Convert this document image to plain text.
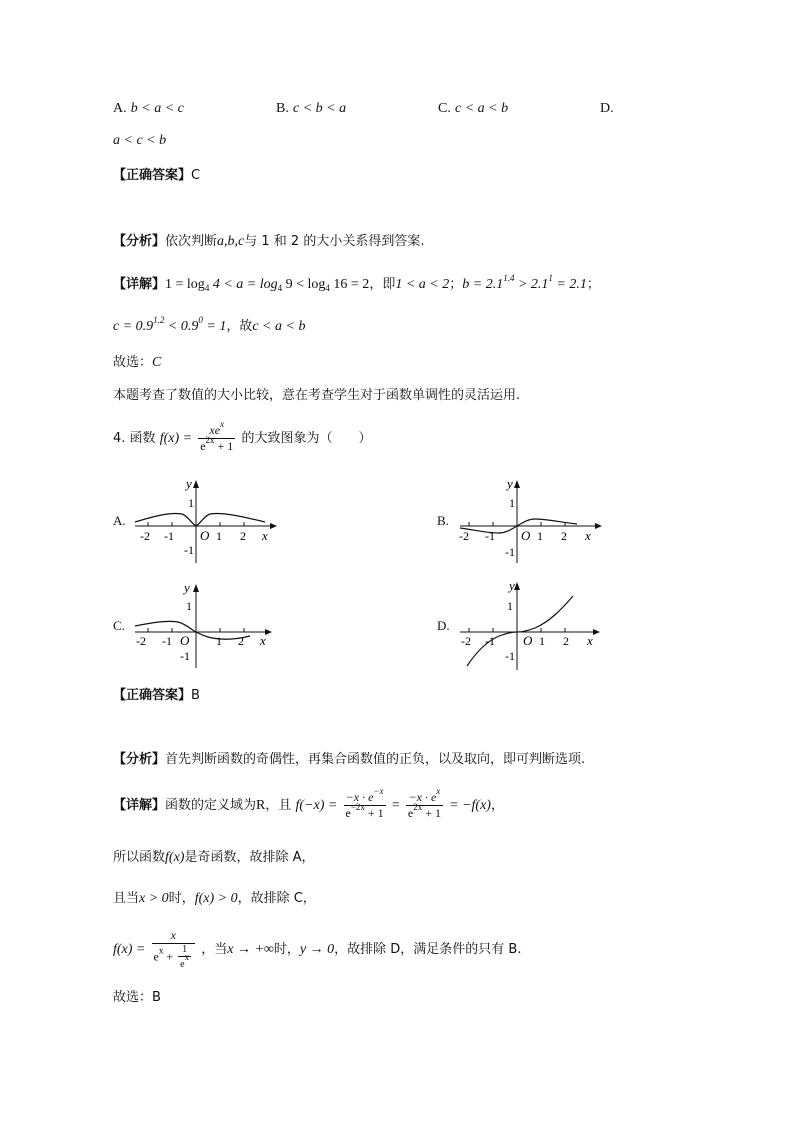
A. b < a < c	B. c < b < a	C. c < a < b	D.
a < c < b
【正确答案】C
【分析】依次判断a,b,c与 1 和 2 的大小关系得到答案.
【详解】$1 = \log_4 4 < a = \log_4 9 < \log_4 16 = 2$，即1 < a < 2；$b = 2.1^{1.4} > 2.1^1 = 2.1$；
$c = 0.9^{1.2} < 0.9^0 = 1$，故c < a < b
故选：C
本题考查了数值的大小比较，意在考查学生对于函数单调性的灵活运用.
4. 函数 $f(x) = \frac{xe^x}{e^{2x} + 1}$ 的大致图象为（　　）
A.	B.
C.	D.
y
1
-1
-2 -1 O 1 2 x
y
1
-1
-2 -1 O 1 2 x
y
1
-1
-2 -1 O 1 2 x
y
1
-1
-2 -1 O 1 2 x
【正确答案】B
【分析】首先判断函数的奇偶性，再集合函数值的正负，以及取向，即可判断选项.
【详解】函数的定义域为R，且 $f(-x) = \frac{-x \cdot e^{-x}}{e^{-2x} + 1} = \frac{-x \cdot e^x}{e^{2x} + 1} = -f(x)$，
所以函数f(x)是奇函数，故排除 A，
且当x > 0时，f(x) > 0，故排除 C，
$f(x) = \frac{x}{e^x + \frac{1}{e^x}}$ ，当x → +∞时，y → 0，故排除 D，满足条件的只有 B.
故选：B
